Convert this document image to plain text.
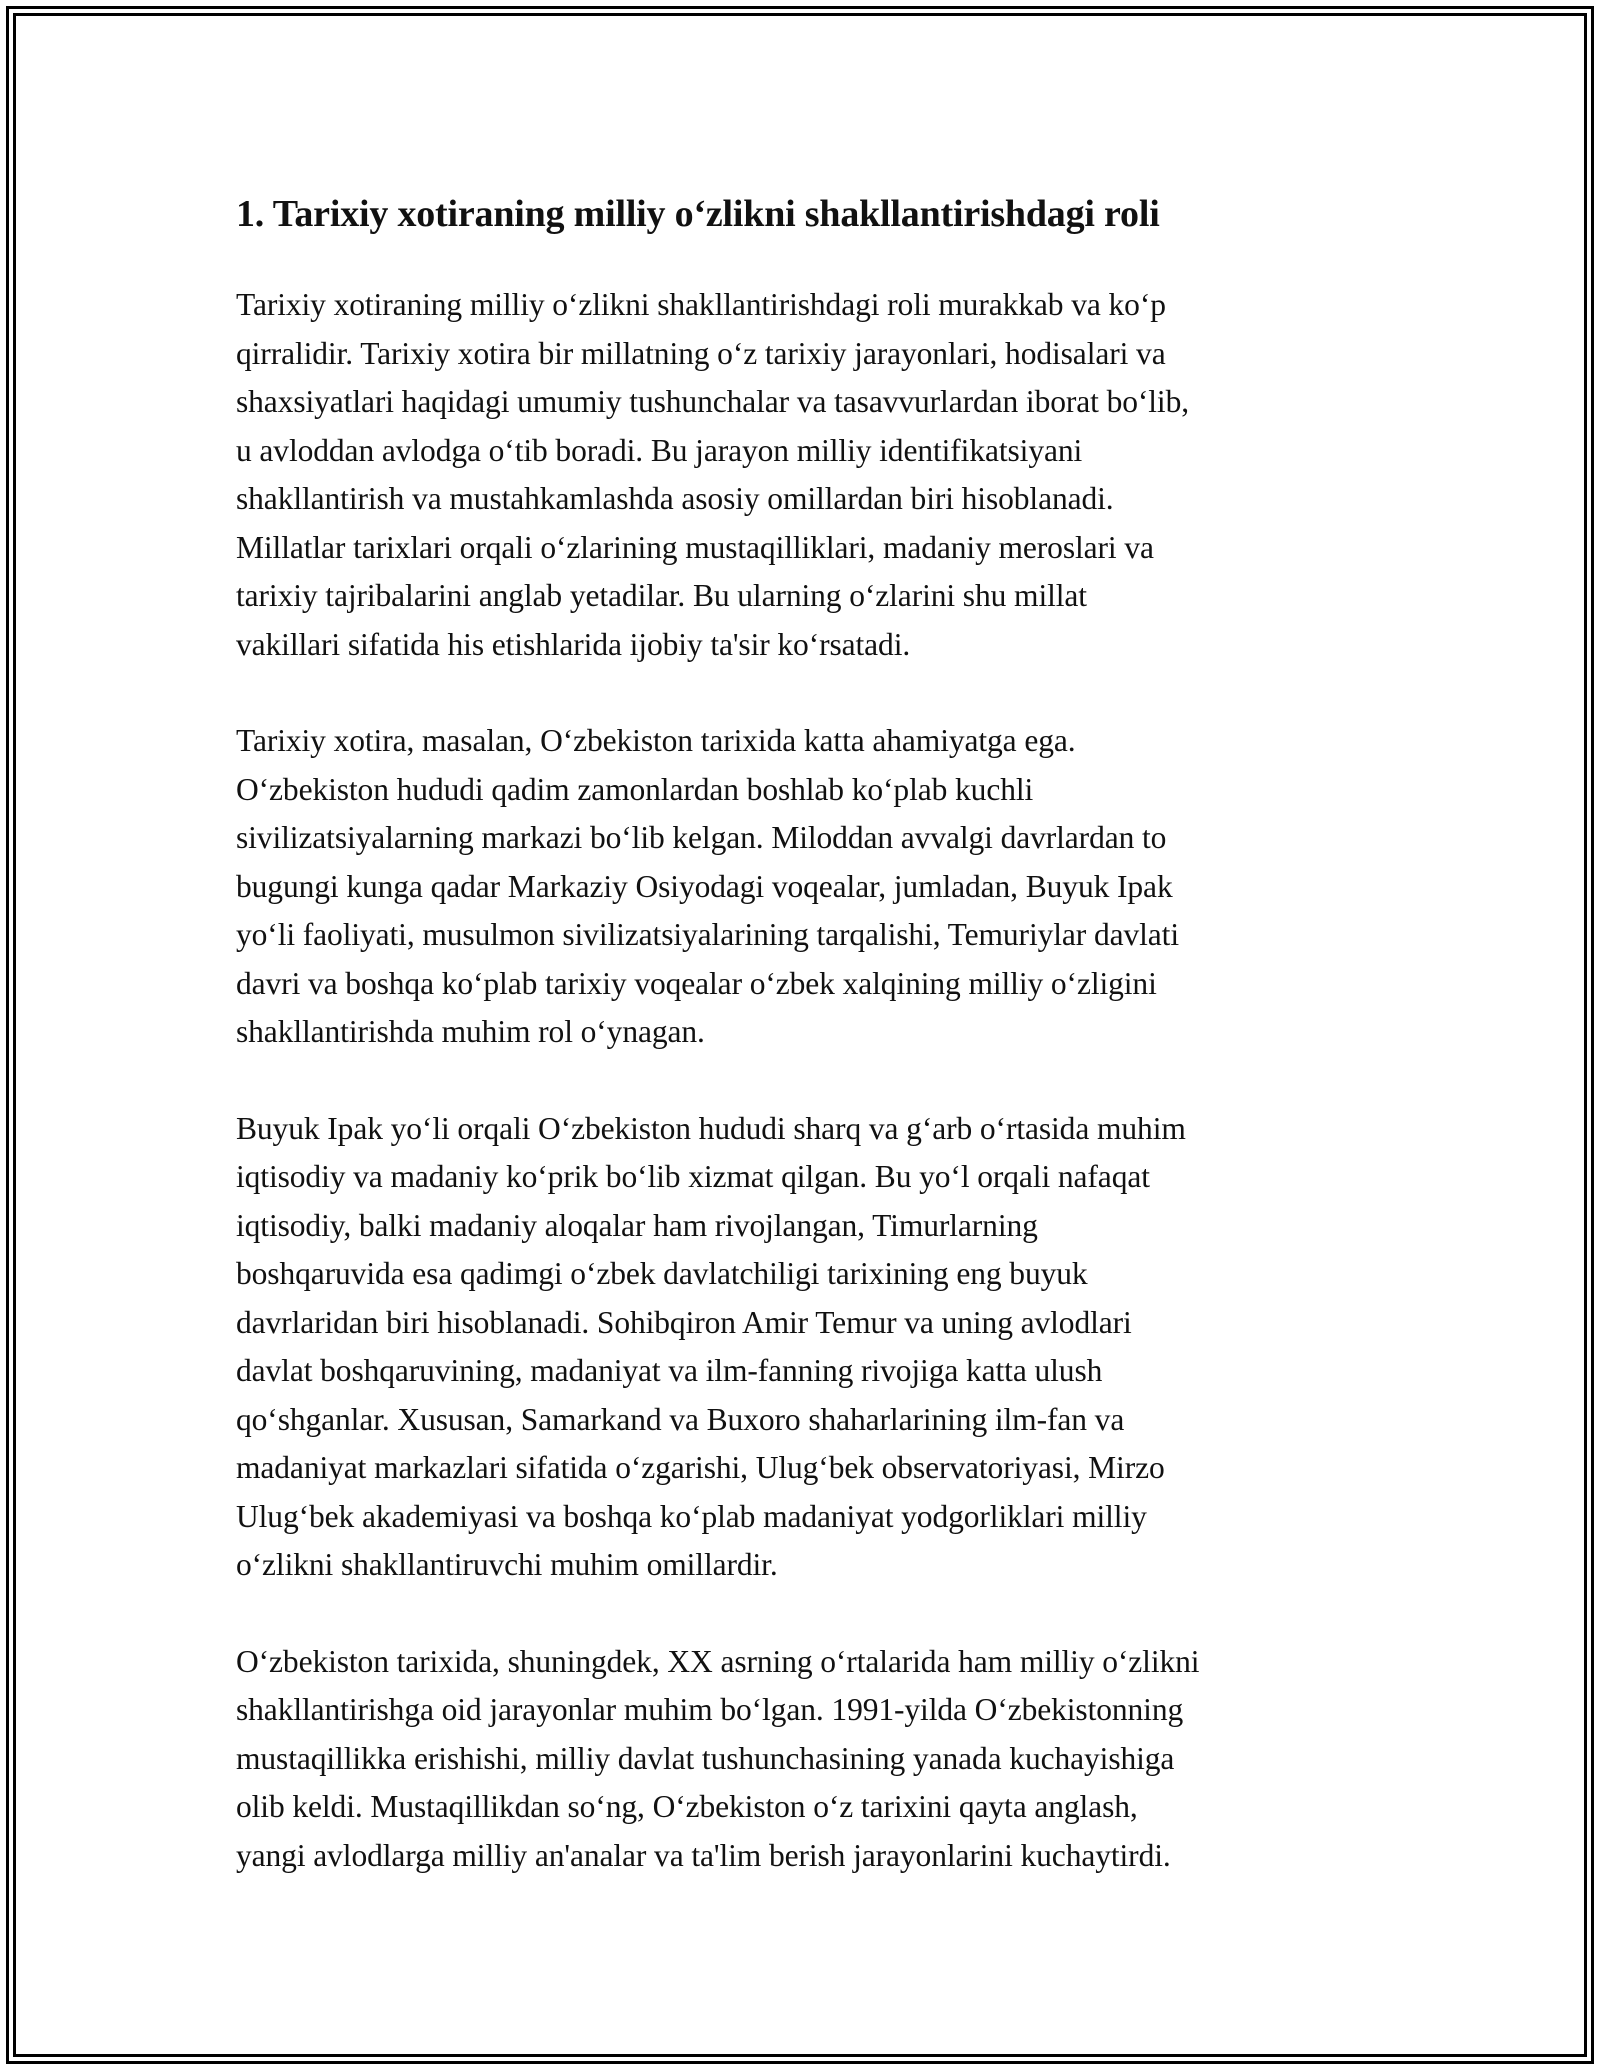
1. Tarixiy xotiraning milliy o‘zlikni shakllantirishdagi roli

Tarixiy xotiraning milliy o‘zlikni shakllantirishdagi roli murakkab va ko‘p
qirralidir. Tarixiy xotira bir millatning o‘z tarixiy jarayonlari, hodisalari va
shaxsiyatlari haqidagi umumiy tushunchalar va tasavvurlardan iborat bo‘lib,
u avloddan avlodga o‘tib boradi. Bu jarayon milliy identifikatsiyani
shakllantirish va mustahkamlashda asosiy omillardan biri hisoblanadi.
Millatlar tarixlari orqali o‘zlarining mustaqilliklari, madaniy meroslari va
tarixiy tajribalarini anglab yetadilar. Bu ularning o‘zlarini shu millat
vakillari sifatida his etishlarida ijobiy ta'sir ko‘rsatadi.

Tarixiy xotira, masalan, O‘zbekiston tarixida katta ahamiyatga ega.
O‘zbekiston hududi qadim zamonlardan boshlab ko‘plab kuchli
sivilizatsiyalarning markazi bo‘lib kelgan. Miloddan avvalgi davrlardan to
bugungi kunga qadar Markaziy Osiyodagi voqealar, jumladan, Buyuk Ipak
yo‘li faoliyati, musulmon sivilizatsiyalarining tarqalishi, Temuriylar davlati
davri va boshqa ko‘plab tarixiy voqealar o‘zbek xalqining milliy o‘zligini
shakllantirishda muhim rol o‘ynagan.

Buyuk Ipak yo‘li orqali O‘zbekiston hududi sharq va g‘arb o‘rtasida muhim
iqtisodiy va madaniy ko‘prik bo‘lib xizmat qilgan. Bu yo‘l orqali nafaqat
iqtisodiy, balki madaniy aloqalar ham rivojlangan, Timurlarning
boshqaruvida esa qadimgi o‘zbek davlatchiligi tarixining eng buyuk
davrlaridan biri hisoblanadi. Sohibqiron Amir Temur va uning avlodlari
davlat boshqaruvining, madaniyat va ilm-fanning rivojiga katta ulush
qo‘shganlar. Xususan, Samarkand va Buxoro shaharlarining ilm-fan va
madaniyat markazlari sifatida o‘zgarishi, Ulug‘bek observatoriyasi, Mirzo
Ulug‘bek akademiyasi va boshqa ko‘plab madaniyat yodgorliklari milliy
o‘zlikni shakllantiruvchi muhim omillardir.

O‘zbekiston tarixida, shuningdek, XX asrning o‘rtalarida ham milliy o‘zlikni
shakllantirishga oid jarayonlar muhim bo‘lgan. 1991-yilda O‘zbekistonning
mustaqillikka erishishi, milliy davlat tushunchasining yanada kuchayishiga
olib keldi. Mustaqillikdan so‘ng, O‘zbekiston o‘z tarixini qayta anglash,
yangi avlodlarga milliy an'analar va ta'lim berish jarayonlarini kuchaytirdi.
